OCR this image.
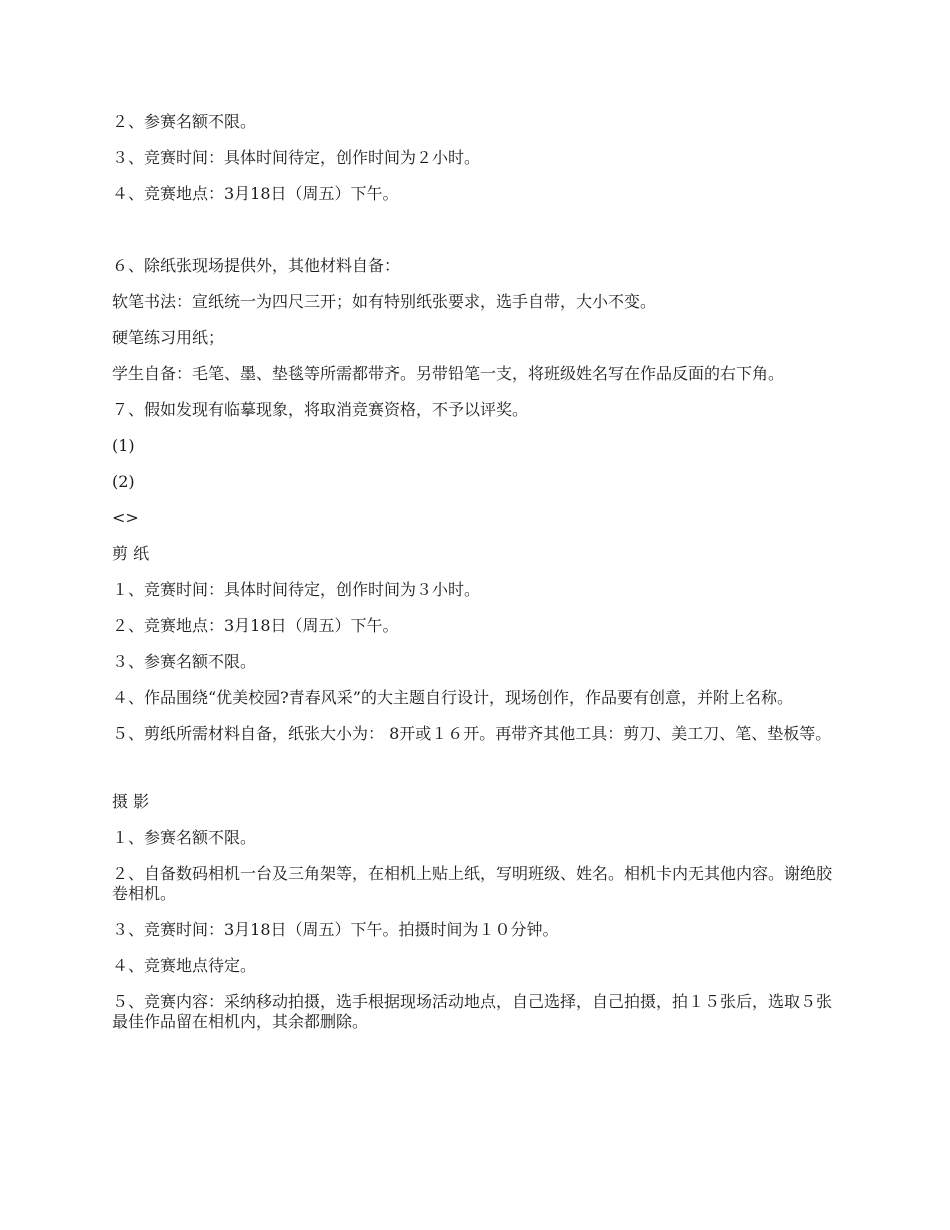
２、参赛名额不限。

３、竞赛时间：具体时间待定，创作时间为２小时。

４、竞赛地点：3月18日（周五）下午。

６、除纸张现场提供外，其他材料自备：

软笔书法：宣纸统一为四尺三开；如有特别纸张要求，选手自带，大小不变。

硬笔练习用纸；

学生自备：毛笔、墨、垫毯等所需都带齐。另带铅笔一支，将班级姓名写在作品反面的右下角。

７、假如发现有临摹现象，将取消竞赛资格，不予以评奖。

(1)

(2)

<>

剪 纸

１、竞赛时间：具体时间待定，创作时间为３小时。

２、竞赛地点：3月18日（周五）下午。

３、参赛名额不限。

４、作品围绕“优美校园?青春风采”的大主题自行设计，现场创作，作品要有创意，并附上名称。

５、剪纸所需材料自备，纸张大小为： 8开或１６开。再带齐其他工具：剪刀、美工刀、笔、垫板等。

摄 影

１、参赛名额不限。

２、自备数码相机一台及三角架等，在相机上贴上纸，写明班级、姓名。相机卡内无其他内容。谢绝胶卷相机。

３、竞赛时间：3月18日（周五）下午。拍摄时间为１０分钟。

４、竞赛地点待定。

５、竞赛内容：采纳移动拍摄，选手根据现场活动地点，自己选择，自己拍摄，拍１５张后，选取５张最佳作品留在相机内，其余都删除。
